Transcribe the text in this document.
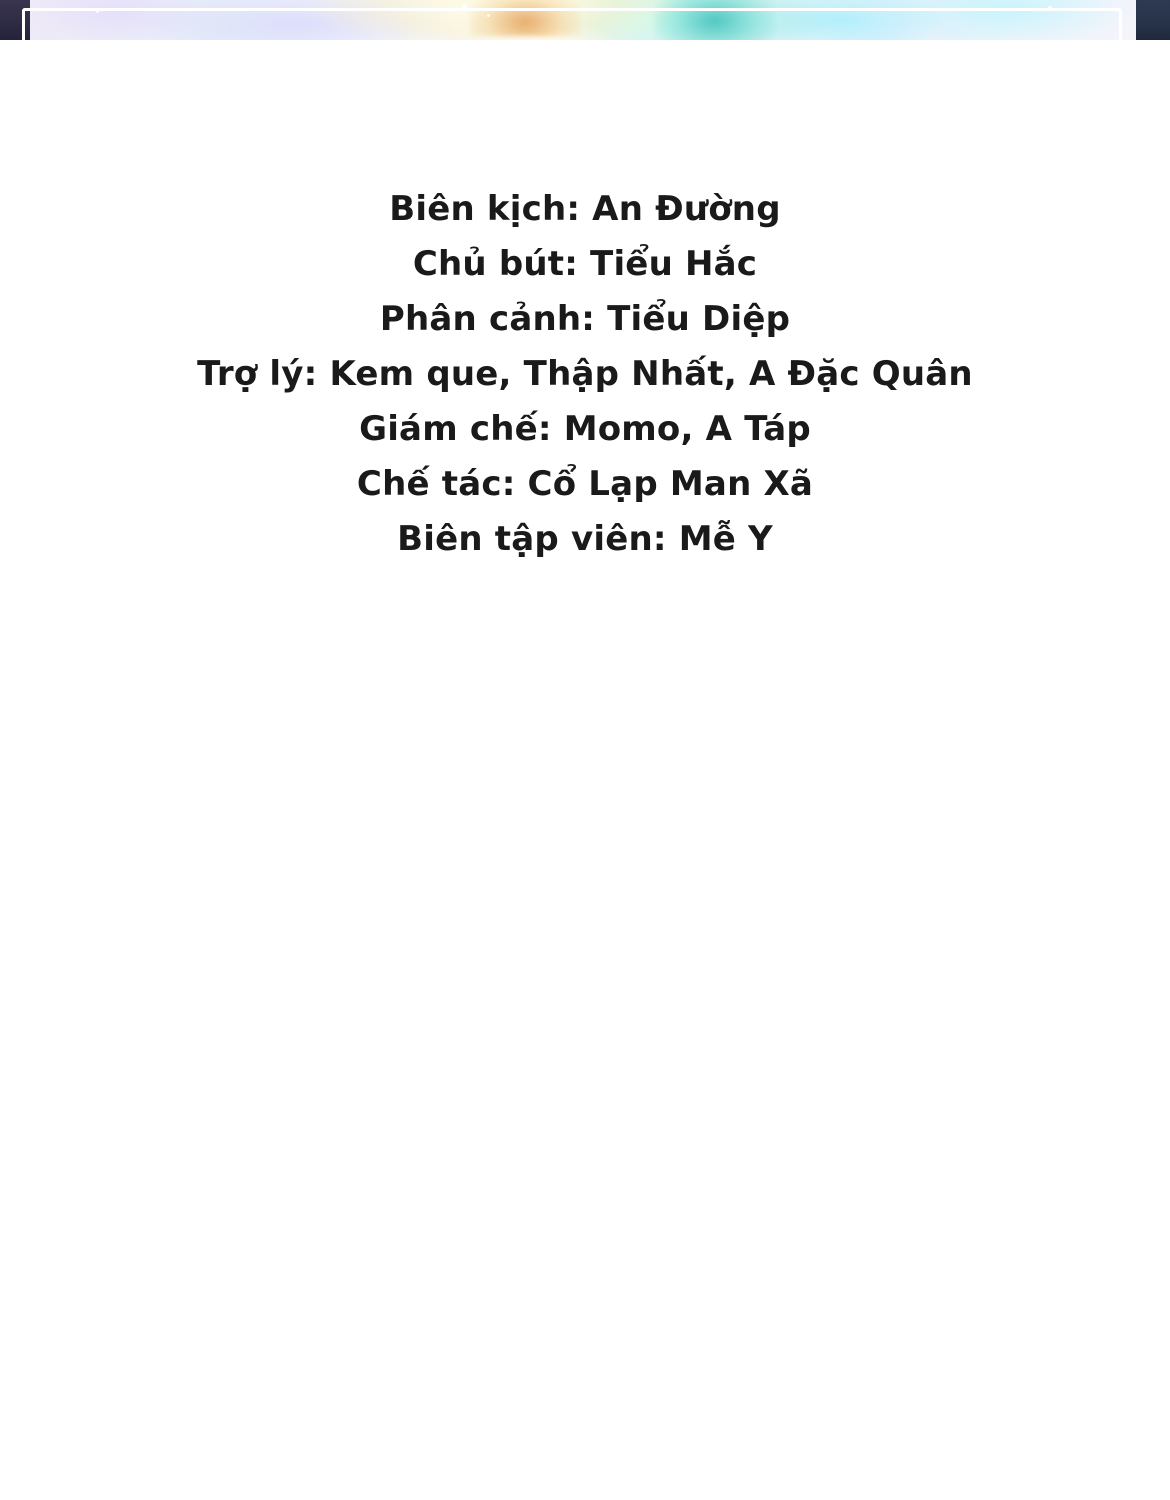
Biên kịch: An Đường
Chủ bút: Tiểu Hắc
Phân cảnh: Tiểu Diệp
Trợ lý: Kem que, Thập Nhất, A Đặc Quân
Giám chế: Momo, A Táp
Chế tác: Cổ Lạp Man Xã
Biên tập viên: Mễ Y
